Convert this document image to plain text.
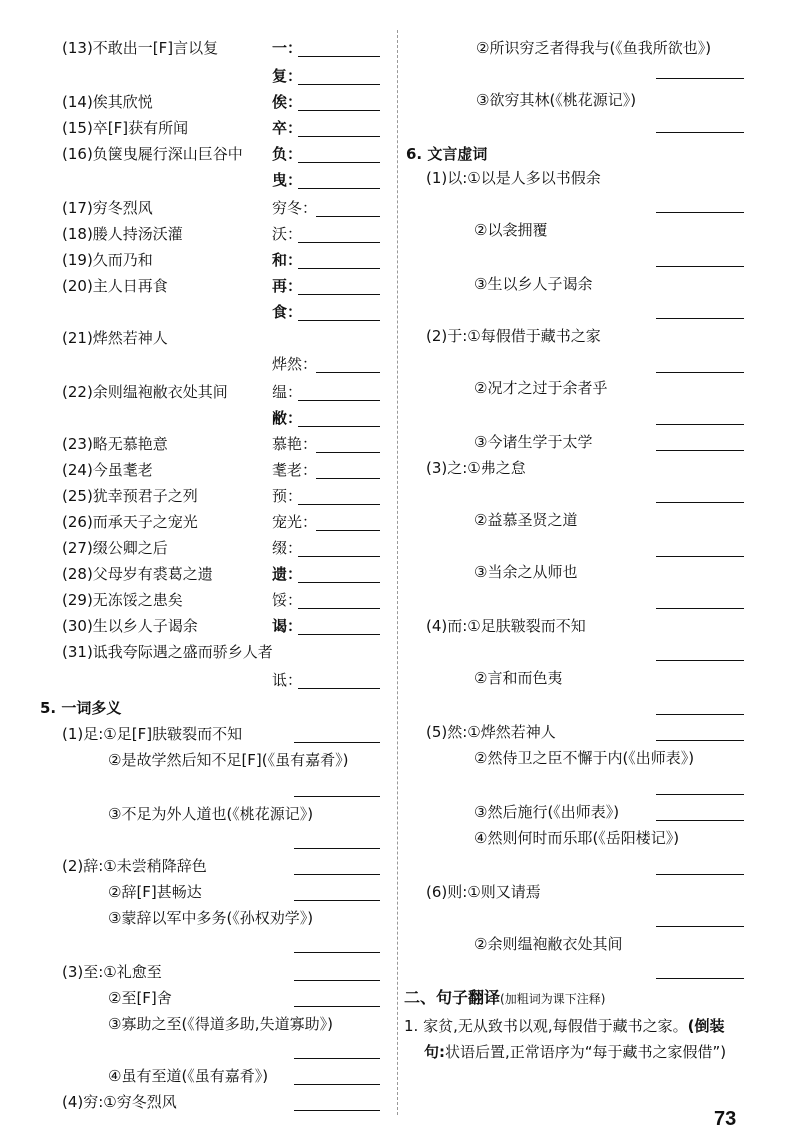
(13)不敢出一[F]言以复	一：
复：
(14)俟其欣悦	俟：
(15)卒[F]获有所闻	卒：
(16)负箧曳屣行深山巨谷中 负：
曳：
(17)穷冬烈风	穷冬：
(18)媵人持汤沃灌	沃：
(19)久而乃和	和：
(20)主人日再食	再：
食：
(21)烨然若神人
烨然：
(22)余则缊袍敝衣处其间	缊：
敝：
(23)略无慕艳意	慕艳：
(24)今虽耄老	耄老：
(25)犹幸预君子之列	预：
(26)而承天子之宠光	宠光：
(27)缀公卿之后	缀：
(28)父母岁有裘葛之遗	遗：
(29)无冻馁之患矣	馁：
(30)生以乡人子谒余	谒：
(31)诋我夸际遇之盛而骄乡人者
诋：
5. 一词多义
(1)足:①足[F]肤皲裂而不知
②是故学然后知不足[F](《虽有嘉肴》)
③不足为外人道也(《桃花源记》)
(2)辞:①未尝稍降辞色
②辞[F]甚畅达
③蒙辞以军中多务(《孙权劝学》)
(3)至:①礼愈至
②至[F]舍
③寡助之至(《得道多助,失道寡助》)
④虽有至道(《虽有嘉肴》)
(4)穷:①穷冬烈风
②所识穷乏者得我与(《鱼我所欲也》)
③欲穷其林(《桃花源记》)
6. 文言虚词
(1)以:①以是人多以书假余
②以衾拥覆
③生以乡人子谒余
(2)于:①每假借于藏书之家
②况才之过于余者乎
③今诸生学于太学
(3)之:①弗之怠
②益慕圣贤之道
③当余之从师也
(4)而:①足肤皲裂而不知
②言和而色夷
(5)然:①烨然若神人
②然侍卫之臣不懈于内(《出师表》)
③然后施行(《出师表》)
④然则何时而乐耶(《岳阳楼记》)
(6)则:①则又请焉
②余则缊袍敝衣处其间
二、句子翻译(加粗词为课下注释)
1. 家贫,无从致书以观,每假借于藏书之家。(倒装
句:状语后置,正常语序为“每于藏书之家假借”)
73
